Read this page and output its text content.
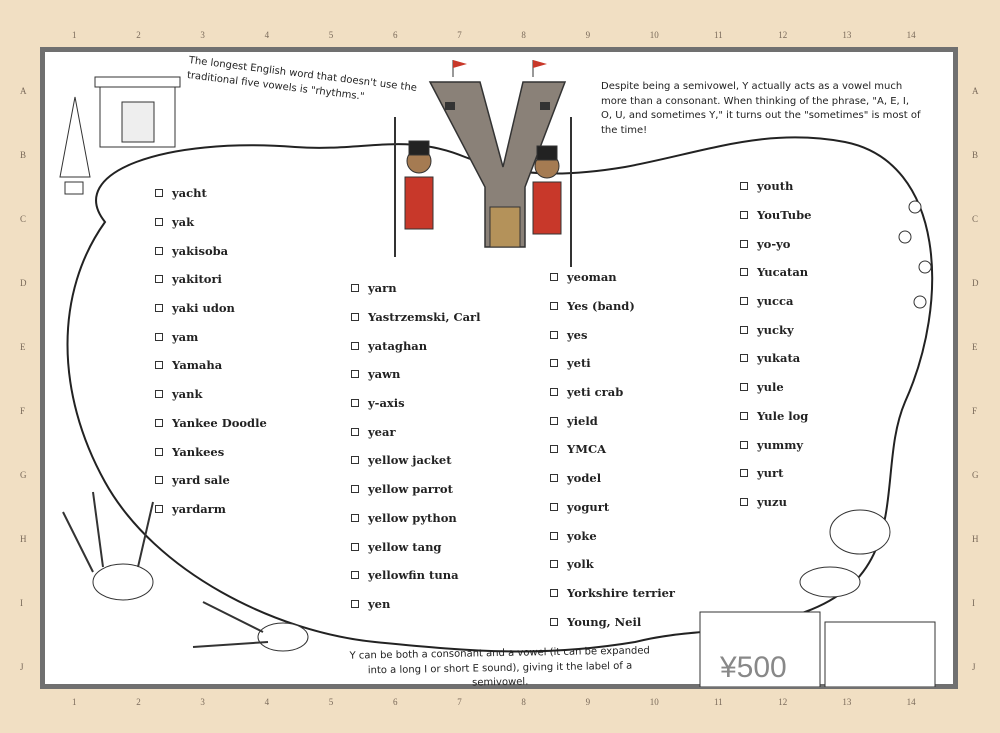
1	2	3	4	5	6	7	8	9	10	11	12	13	14
1	2	3	4	5	6	7	8	9	10	11	12	13	14
A
B
C
D
E
F
G
H
I
J
A
B
C
D
E
F
G
H
I
J
The longest English word that doesn't use the traditional five vowels is "rhythms."	Despite being a semivowel, Y actually acts as a vowel much more than a consonant. When thinking of the phrase, "A, E, I, O, U, and sometimes Y," it turns out the "sometimes" is most of the time!
Y can be both a consonant and a vowel (it can be expanded into a long I or short E sound), giving it the label of a semivowel.
yacht
yak
yakisoba
yakitori
yaki udon
yam
Yamaha
yank
Yankee Doodle
Yankees
yard sale
yardarm
yarn
Yastrzemski, Carl
yataghan
yawn
y-axis
year
yellow jacket
yellow parrot
yellow python
yellow tang
yellowfin tuna
yen
yeoman
Yes (band)
yes
yeti
yeti crab
yield
YMCA
yodel
yogurt
yoke
yolk
Yorkshire terrier
Young, Neil
youth
YouTube
yo-yo
Yucatan
yucca
yucky
yukata
yule
Yule log
yummy
yurt
yuzu
¥500
